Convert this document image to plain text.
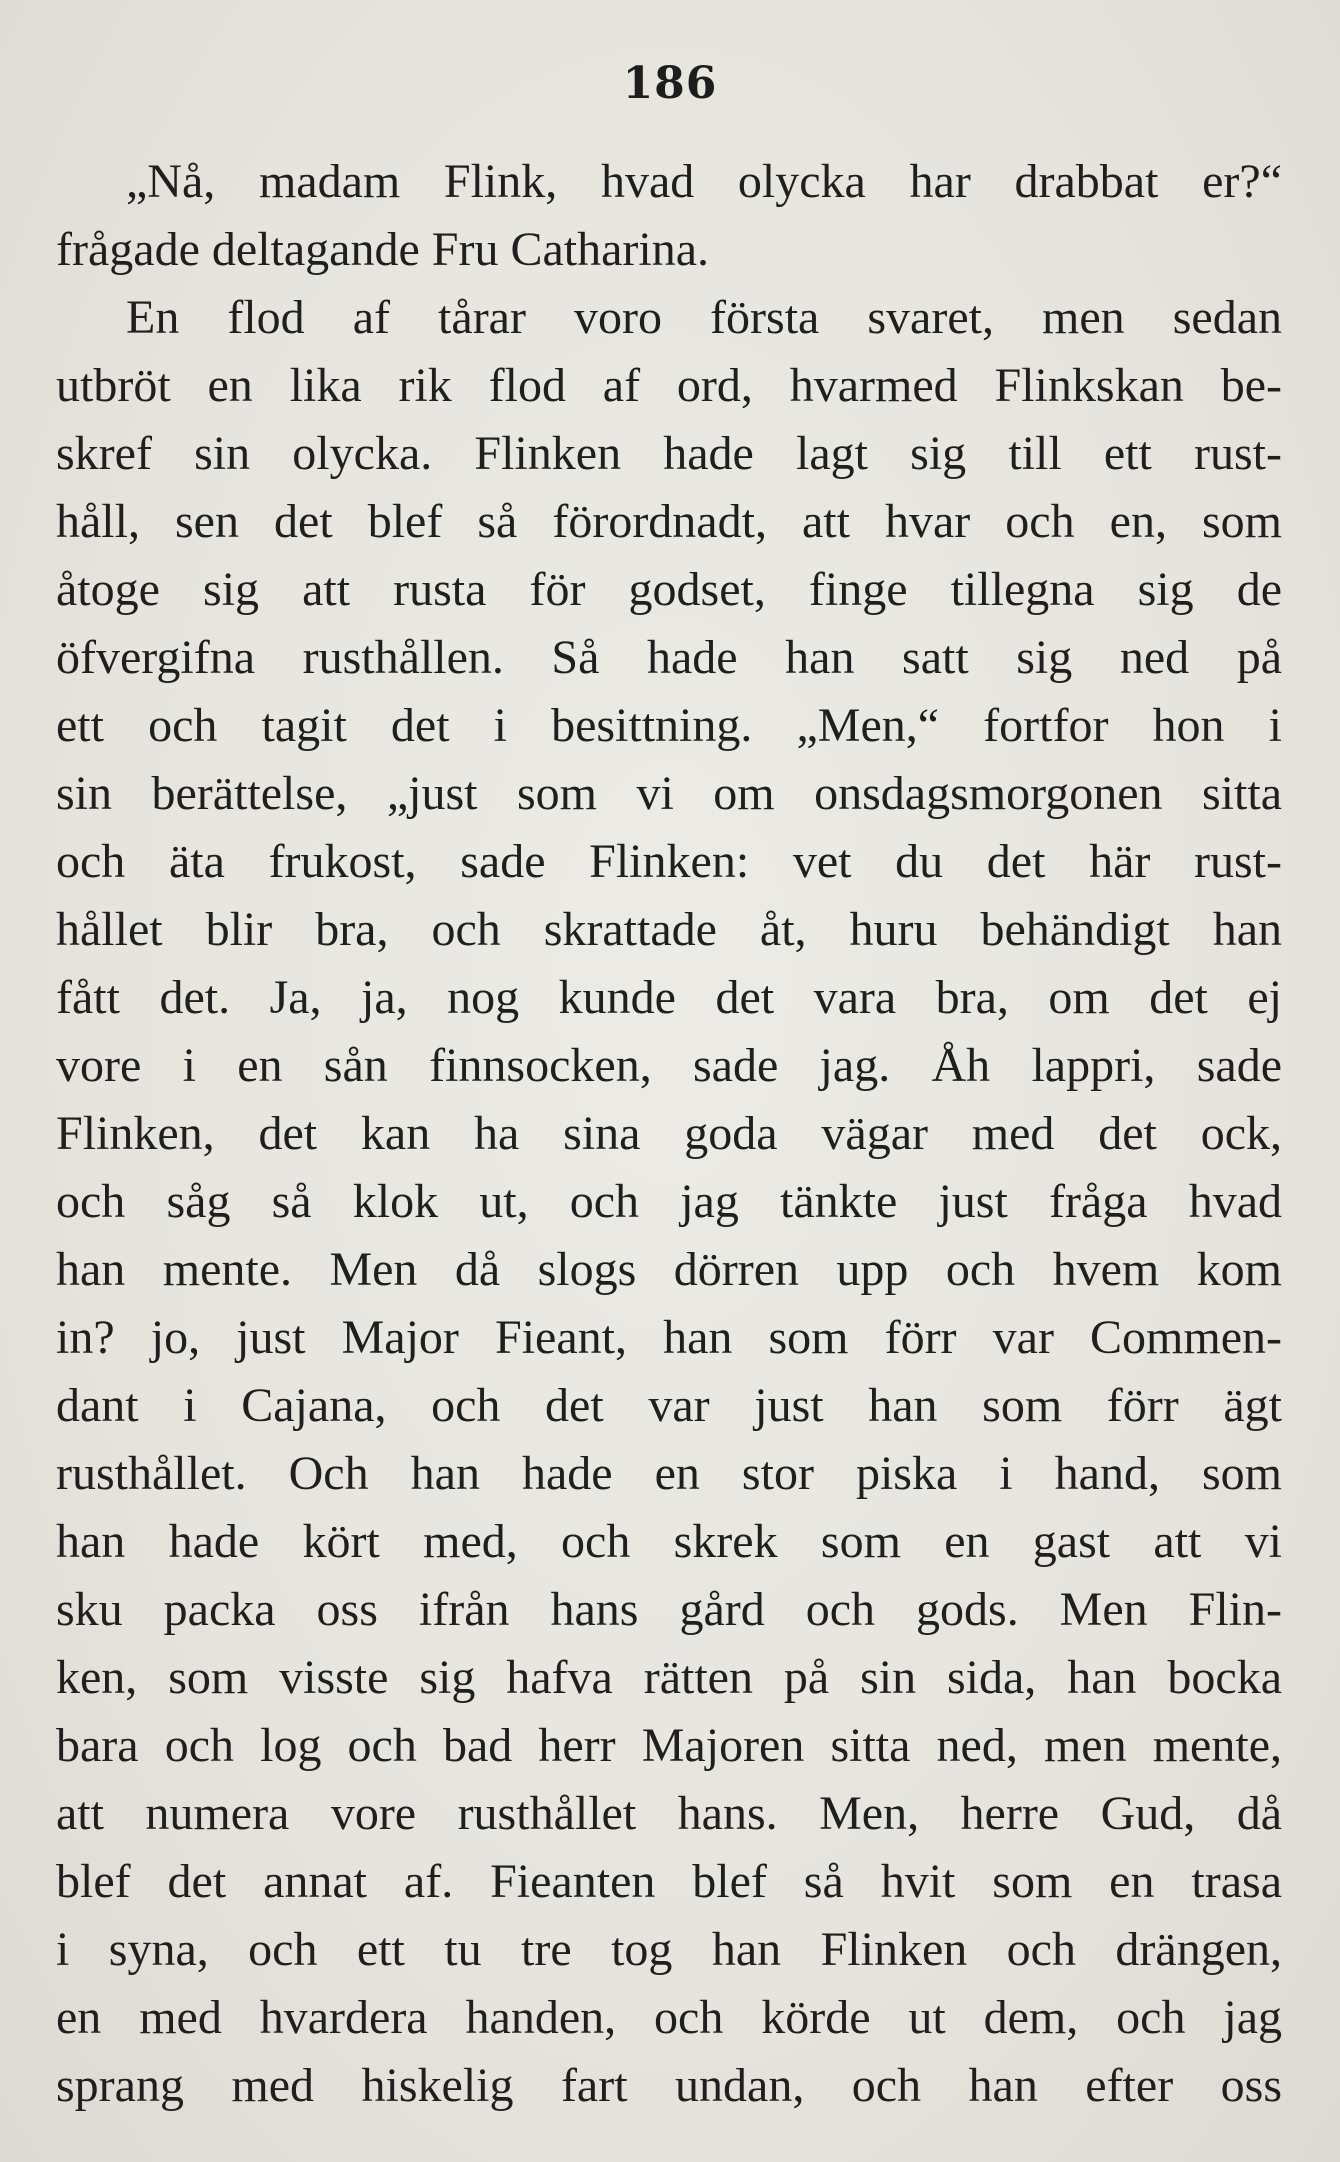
186
„Nå, madam Flink, hvad olycka har drabbat er?“
frågade deltagande Fru Catharina.
En flod af tårar voro första svaret, men sedan
utbröt en lika rik flod af ord, hvarmed Flinkskan be-
skref sin olycka. Flinken hade lagt sig till ett rust-
håll, sen det blef så förordnadt, att hvar och en, som
åtoge sig att rusta för godset, finge tillegna sig de
öfvergifna rusthållen. Så hade han satt sig ned på
ett och tagit det i besittning. „Men,“ fortfor hon i
sin berättelse, „just som vi om onsdagsmorgonen sitta
och äta frukost, sade Flinken: vet du det här rust-
hållet blir bra, och skrattade åt, huru behändigt han
fått det. Ja, ja, nog kunde det vara bra, om det ej
vore i en sån finnsocken, sade jag. Åh lappri, sade
Flinken, det kan ha sina goda vägar med det ock,
och såg så klok ut, och jag tänkte just fråga hvad
han mente. Men då slogs dörren upp och hvem kom
in? jo, just Major Fieant, han som förr var Commen-
dant i Cajana, och det var just han som förr ägt
rusthållet. Och han hade en stor piska i hand, som
han hade kört med, och skrek som en gast att vi
sku packa oss ifrån hans gård och gods. Men Flin-
ken, som visste sig hafva rätten på sin sida, han bocka
bara och log och bad herr Majoren sitta ned, men mente,
att numera vore rusthållet hans. Men, herre Gud, då
blef det annat af. Fieanten blef så hvit som en trasa
i syna, och ett tu tre tog han Flinken och drängen,
en med hvardera handen, och körde ut dem, och jag
sprang med hiskelig fart undan, och han efter oss
